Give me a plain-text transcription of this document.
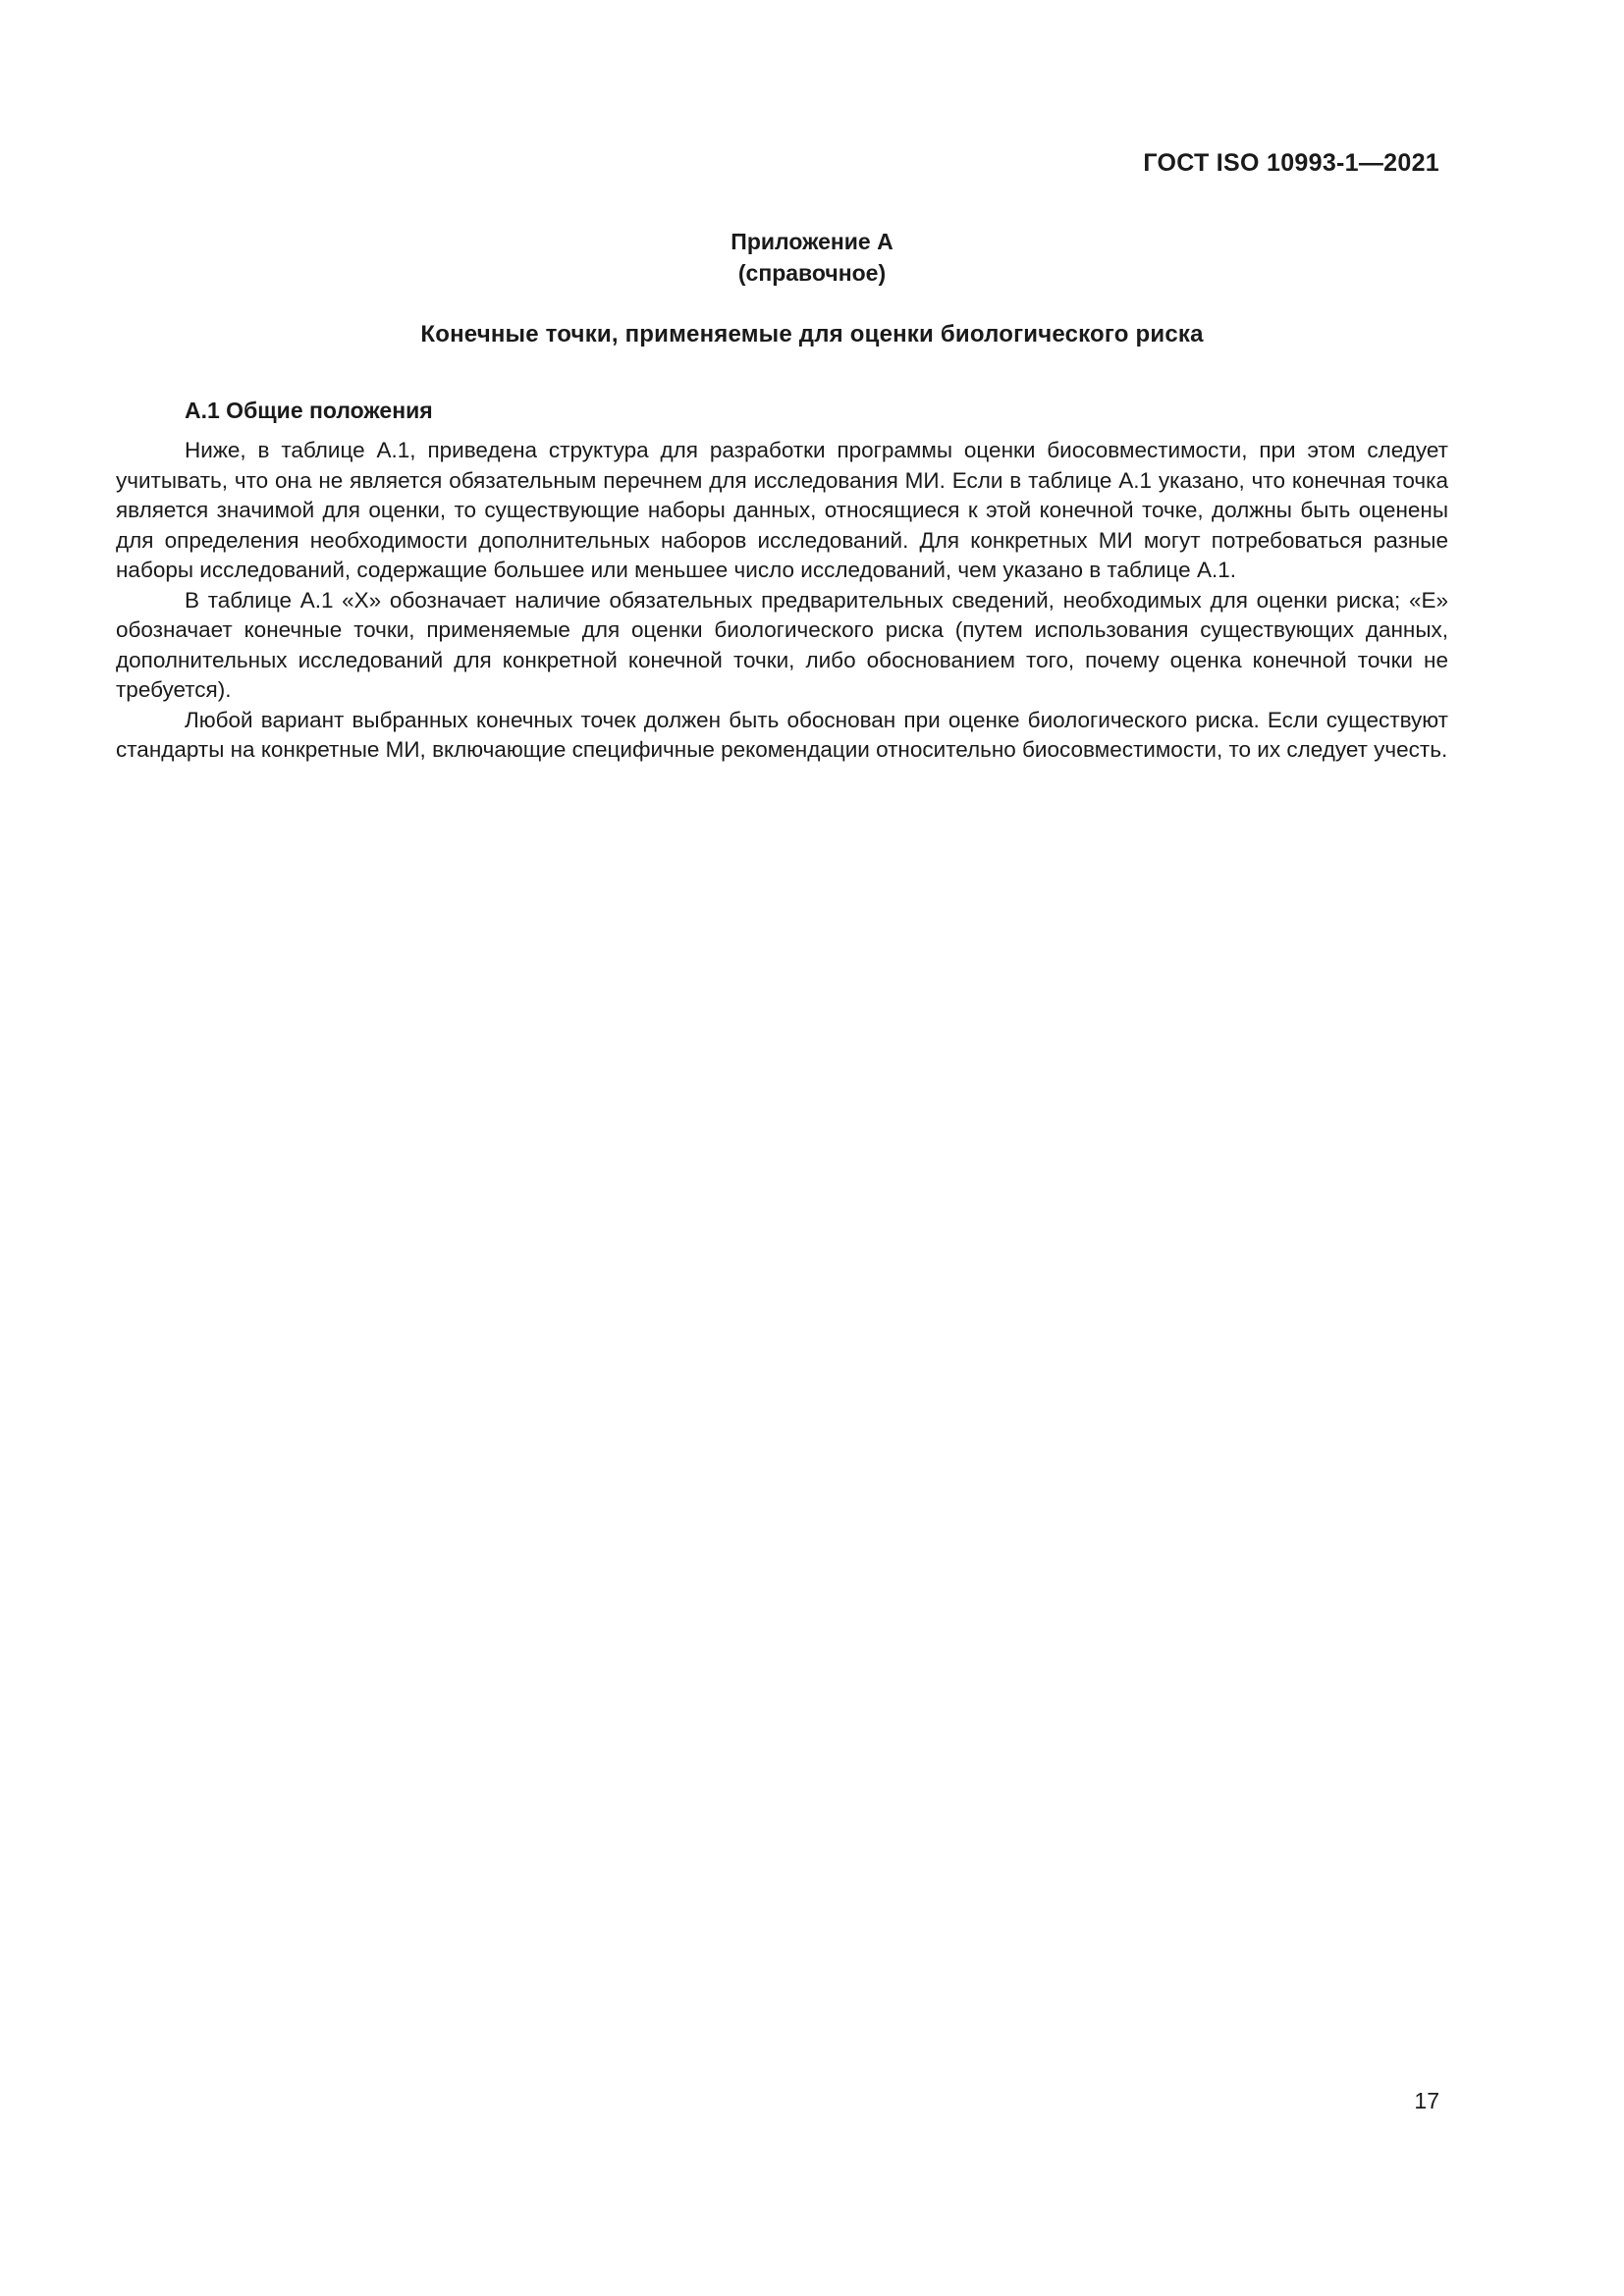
ГОСТ ISO 10993-1—2021
Приложение А
(справочное)
Конечные точки, применяемые для оценки биологического риска
А.1 Общие положения

Ниже, в таблице А.1, приведена структура для разработки программы оценки биосовместимости, при этом следует учитывать, что она не является обязательным перечнем для исследования МИ. Если в таблице А.1 указано, что конечная точка является значимой для оценки, то существующие наборы данных, относящиеся к этой конечной точке, должны быть оценены для определения необходимости дополнительных наборов исследований. Для конкретных МИ могут потребоваться разные наборы исследований, содержащие большее или меньшее число исследований, чем указано в таблице А.1.

В таблице А.1 «X» обозначает наличие обязательных предварительных сведений, необходимых для оценки риска; «Е» обозначает конечные точки, применяемые для оценки биологического риска (путем использования существующих данных, дополнительных исследований для конкретной конечной точки, либо обоснованием того, почему оценка конечной точки не требуется).

Любой вариант выбранных конечных точек должен быть обоснован при оценке биологического риска. Если существуют стандарты на конкретные МИ, включающие специфичные рекомендации относительно биосовместимости, то их следует учесть.

17
